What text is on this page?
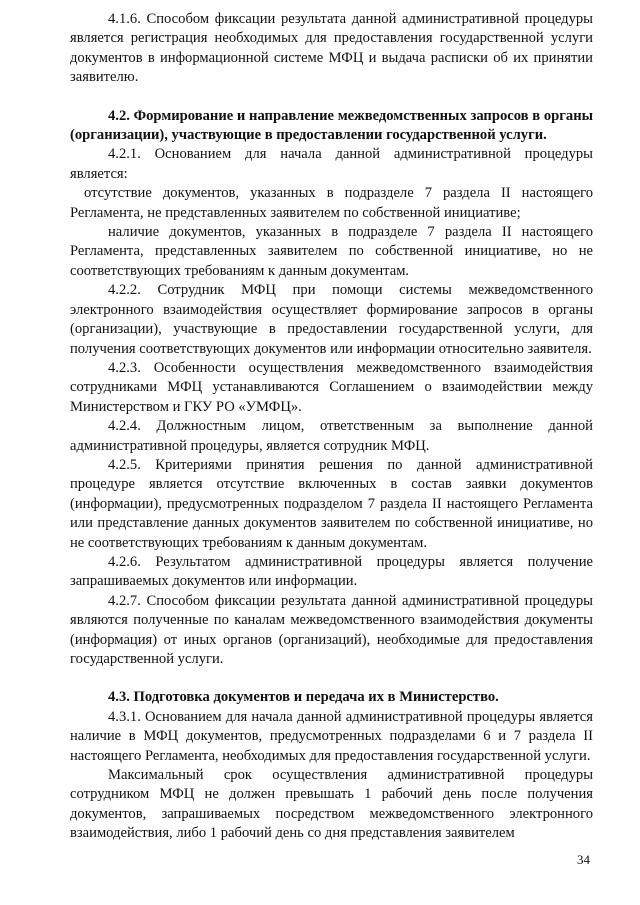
4.1.6. Способом фиксации результата данной административной процедуры является регистрация необходимых для предоставления государственной услуги документов в информационной системе МФЦ и выдача расписки об их принятии заявителю.

4.2. Формирование и направление межведомственных запросов в органы (организации), участвующие в предоставлении государственной услуги.

4.2.1. Основанием для начала данной административной процедуры является:

отсутствие документов, указанных в подразделе 7 раздела II настоящего Регламента, не представленных заявителем по собственной инициативе;

наличие документов, указанных в подразделе 7 раздела II настоящего Регламента, представленных заявителем по собственной инициативе, но не соответствующих требованиям к данным документам.

4.2.2. Сотрудник МФЦ при помощи системы межведомственного электронного взаимодействия осуществляет формирование запросов в органы (организации), участвующие в предоставлении государственной услуги, для получения соответствующих документов или информации относительно заявителя.

4.2.3. Особенности осуществления межведомственного взаимодействия сотрудниками МФЦ устанавливаются Соглашением о взаимодействии между Министерством и ГКУ РО «УМФЦ».

4.2.4. Должностным лицом, ответственным за выполнение данной административной процедуры, является сотрудник МФЦ.

4.2.5. Критериями принятия решения по данной административной процедуре является отсутствие включенных в состав заявки документов (информации), предусмотренных подразделом 7 раздела II настоящего Регламента или представление данных документов заявителем по собственной инициативе, но не соответствующих требованиям к данным документам.

4.2.6. Результатом административной процедуры является получение запрашиваемых документов или информации.

4.2.7. Способом фиксации результата данной административной процедуры являются полученные по каналам межведомственного взаимодействия документы (информация) от иных органов (организаций), необходимые для предоставления государственной услуги.

4.3. Подготовка документов и передача их в Министерство.

4.3.1. Основанием для начала данной административной процедуры является наличие в МФЦ документов, предусмотренных подразделами 6 и 7 раздела II настоящего Регламента, необходимых для предоставления государственной услуги.

Максимальный срок осуществления административной процедуры сотрудником МФЦ не должен превышать 1 рабочий день после получения документов, запрашиваемых посредством межведомственного электронного взаимодействия, либо 1 рабочий день со дня представления заявителем

34
